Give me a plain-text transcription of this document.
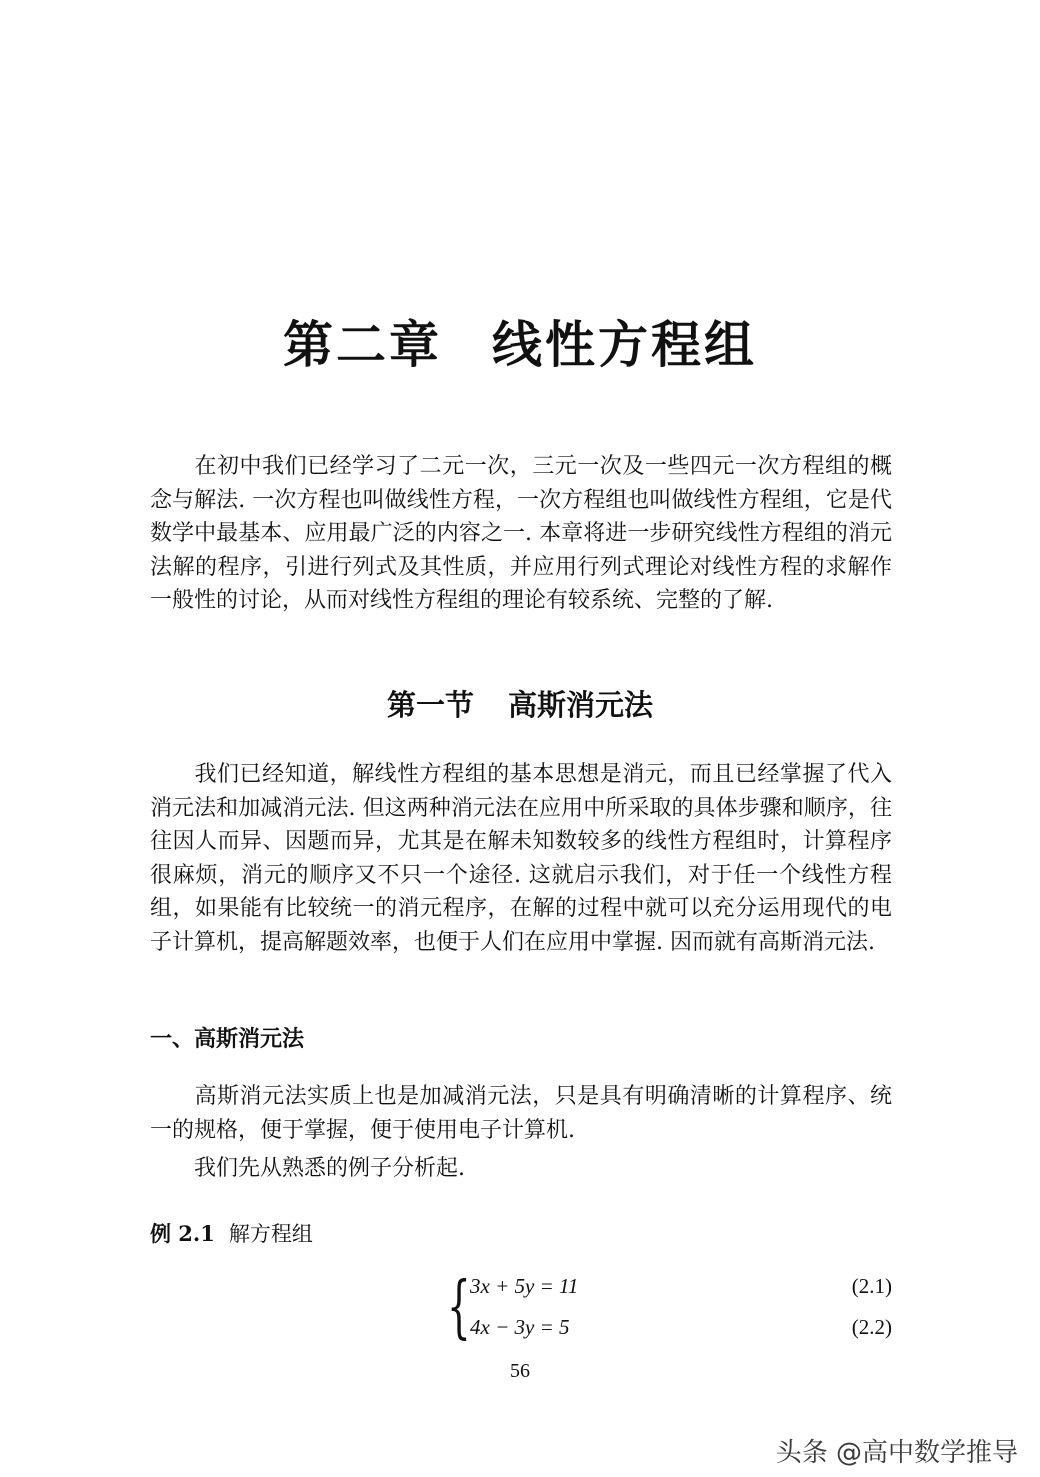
第二章 线性方程组

在初中我们已经学习了二元一次，三元一次及一些四元一次方程组的概念与解法. 一次方程也叫做线性方程，一次方程组也叫做线性方程组，它是代数学中最基本、应用最广泛的内容之一. 本章将进一步研究线性方程组的消元法解的程序，引进行列式及其性质，并应用行列式理论对线性方程的求解作一般性的讨论，从而对线性方程组的理论有较系统、完整的了解.

第一节 高斯消元法

我们已经知道，解线性方程组的基本思想是消元，而且已经掌握了代入消元法和加减消元法. 但这两种消元法在应用中所采取的具体步骤和顺序，往往因人而异、因题而异，尤其是在解未知数较多的线性方程组时，计算程序很麻烦，消元的顺序又不只一个途径. 这就启示我们，对于任一个线性方程组，如果能有比较统一的消元程序，在解的过程中就可以充分运用现代的电子计算机，提高解题效率，也便于人们在应用中掌握. 因而就有高斯消元法.

一、高斯消元法

高斯消元法实质上也是加减消元法，只是具有明确清晰的计算程序、统一的规格，便于掌握，便于使用电子计算机.

我们先从熟悉的例子分析起.

例 2.1 解方程组
{ 3x + 5y = 11	(2.1)
4x − 3y = 5	(2.2)
56
头条 @高中数学推导
